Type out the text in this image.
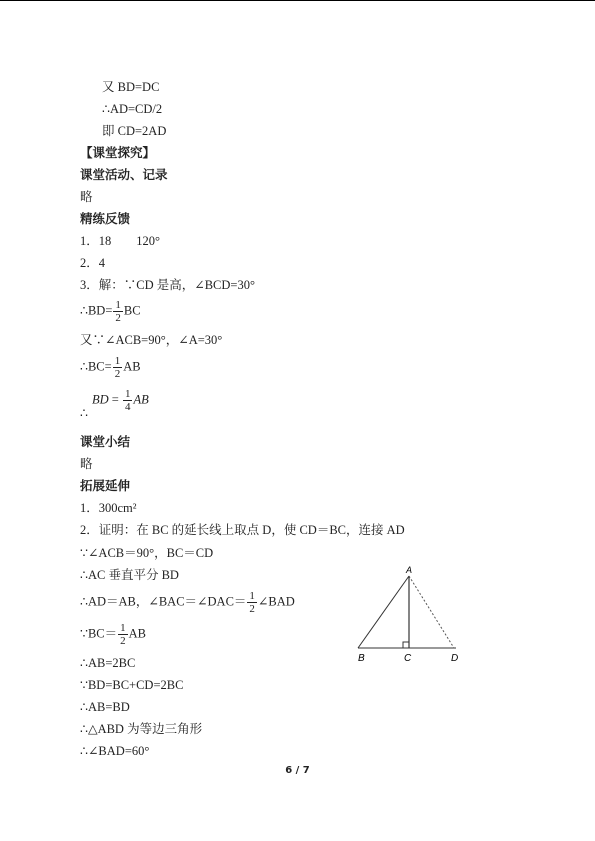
又 BD=DC
∴AD=CD/2
即 CD=2AD
【课堂探究】
课堂活动、记录
略
精练反馈
1．18　　120°
2．4
3．解：∵CD 是高，∠BCD=30°
∴BD= $\frac{1}{2}$ BC
又∵∠ACB=90°，∠A=30°
∴BC= $\frac{1}{2}$ AB
BD = $\frac{1}{4}$ AB
∴
课堂小结
略
拓展延伸
1．300cm²
2．证明：在 BC 的延长线上取点 D，使 CD＝BC，连接 AD
∵∠ACB＝90°，BC＝CD
∴AC 垂直平分 BD
∴AD＝AB，∠BAC＝∠DAC＝ $\frac{1}{2}$ ∠BAD
∵BC＝ $\frac{1}{2}$ AB
∴AB=2BC
∵BD=BC+CD=2BC
∴AB=BD
∴△ABD 为等边三角形
∴∠BAD=60°
A
B	C	D
6 / 7
